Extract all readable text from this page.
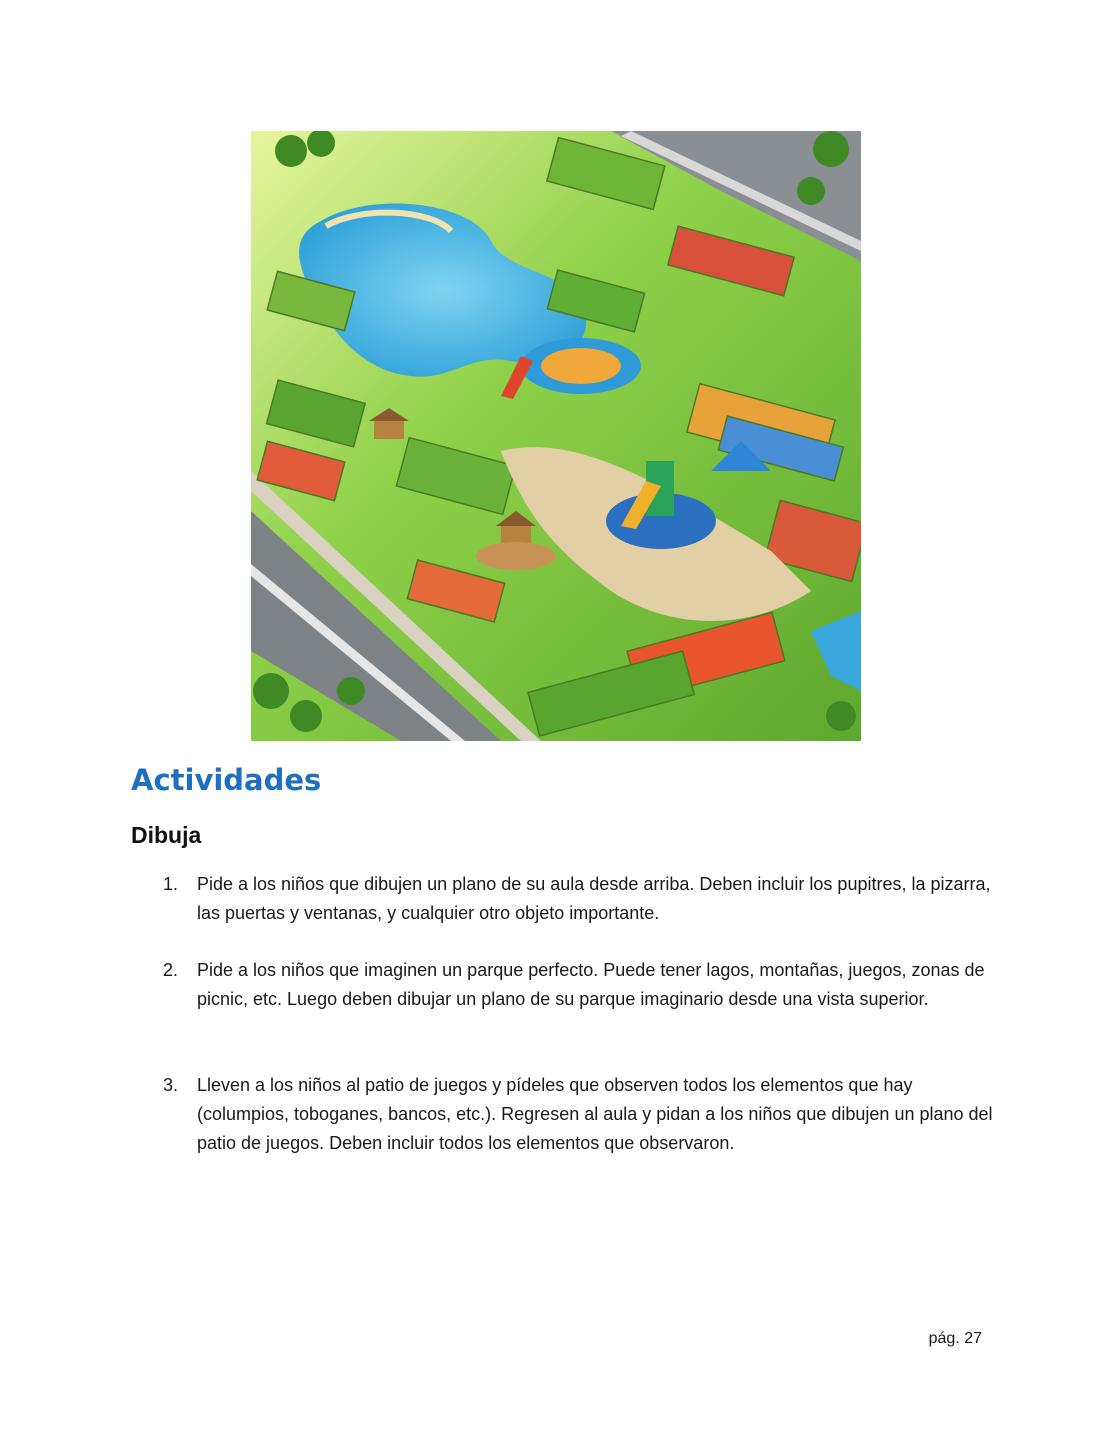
Actividades
Dibuja
1. Pide a los niños que dibujen un plano de su aula desde arriba. Deben incluir los pupitres, la pizarra, las puertas y ventanas, y cualquier otro objeto importante.
2. Pide a los niños que imaginen un parque perfecto. Puede tener lagos, montañas, juegos, zonas de picnic, etc. Luego deben dibujar un plano de su parque imaginario desde una vista superior.
3. Lleven a los niños al patio de juegos y pídeles que observen todos los elementos que hay (columpios, toboganes, bancos, etc.). Regresen al aula y pidan a los niños que dibujen un plano del patio de juegos. Deben incluir todos los elementos que observaron.
pág. 27
